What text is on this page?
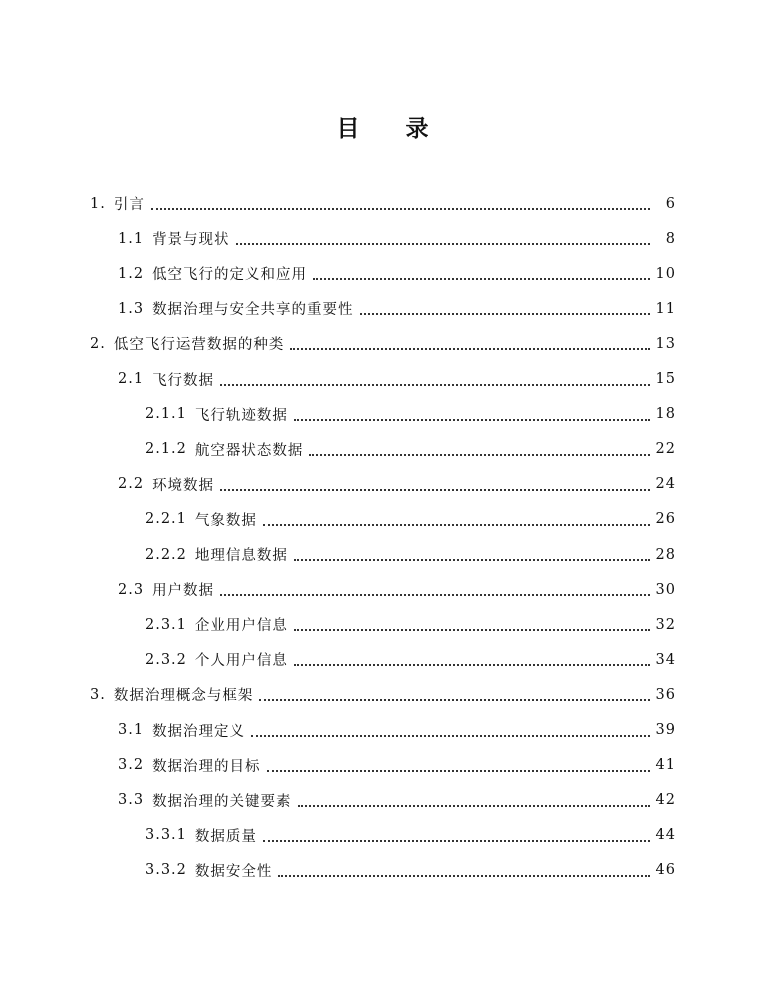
目 录
1. 引言	6
1.1 背景与现状	8
1.2 低空飞行的定义和应用	10
1.3 数据治理与安全共享的重要性	11
2. 低空飞行运营数据的种类	13
2.1 飞行数据	15
2.1.1 飞行轨迹数据	18
2.1.2 航空器状态数据	22
2.2 环境数据	24
2.2.1 气象数据	26
2.2.2 地理信息数据	28
2.3 用户数据	30
2.3.1 企业用户信息	32
2.3.2 个人用户信息	34
3. 数据治理概念与框架	36
3.1 数据治理定义	39
3.2 数据治理的目标	41
3.3 数据治理的关键要素	42
3.3.1 数据质量	44
3.3.2 数据安全性	46
